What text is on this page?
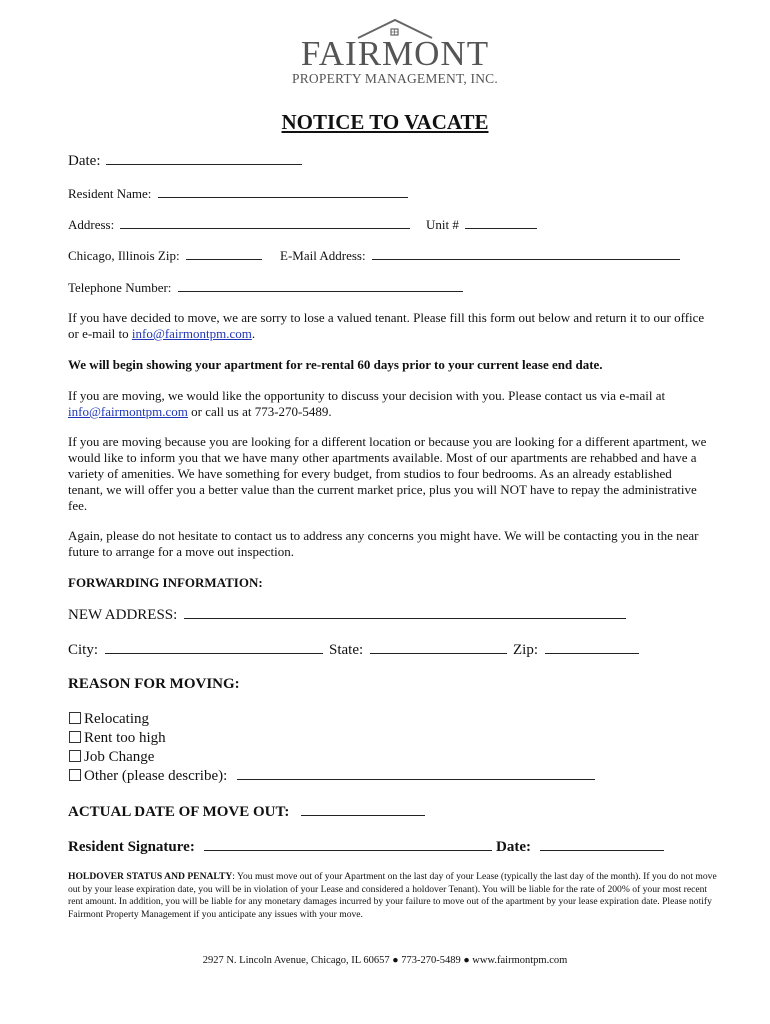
FAIRMONT
PROPERTY MANAGEMENT, INC.
NOTICE TO VACATE
Date:
Resident Name:
Address:	Unit #
Chicago, Illinois Zip:	E-Mail Address:
Telephone Number:
If you have decided to move, we are sorry to lose a valued tenant. Please fill this form out below and return it to our office or e-mail to info@fairmontpm.com.
We will begin showing your apartment for re-rental 60 days prior to your current lease end date.
If you are moving, we would like the opportunity to discuss your decision with you. Please contact us via e-mail at info@fairmontpm.com or call us at 773-270-5489.
If you are moving because you are looking for a different location or because you are looking for a different apartment, we would like to inform you that we have many other apartments available. Most of our apartments are rehabbed and have a variety of amenities. We have something for every budget, from studios to four bedrooms. As an already established tenant, we will offer you a better value than the current market price, plus you will NOT have to repay the administrative fee.
Again, please do not hesitate to contact us to address any concerns you might have. We will be contacting you in the near future to arrange for a move out inspection.
FORWARDING INFORMATION:
NEW ADDRESS:
City:	State:	Zip:
REASON FOR MOVING:
Relocating
Rent too high
Job Change
Other (please describe):
ACTUAL DATE OF MOVE OUT:
Resident Signature:	Date:
HOLDOVER STATUS AND PENALTY: You must move out of your Apartment on the last day of your Lease (typically the last day of the month). If you do not move out by your lease expiration date, you will be in violation of your Lease and considered a holdover Tenant). You will be liable for the rate of 200% of your most recent rent amount. In addition, you will be liable for any monetary damages incurred by your failure to move out of the apartment by your lease expiration date. Please notify Fairmont Property Management if you anticipate any issues with your move.
2927 N. Lincoln Avenue, Chicago, IL 60657 ● 773-270-5489 ● www.fairmontpm.com
